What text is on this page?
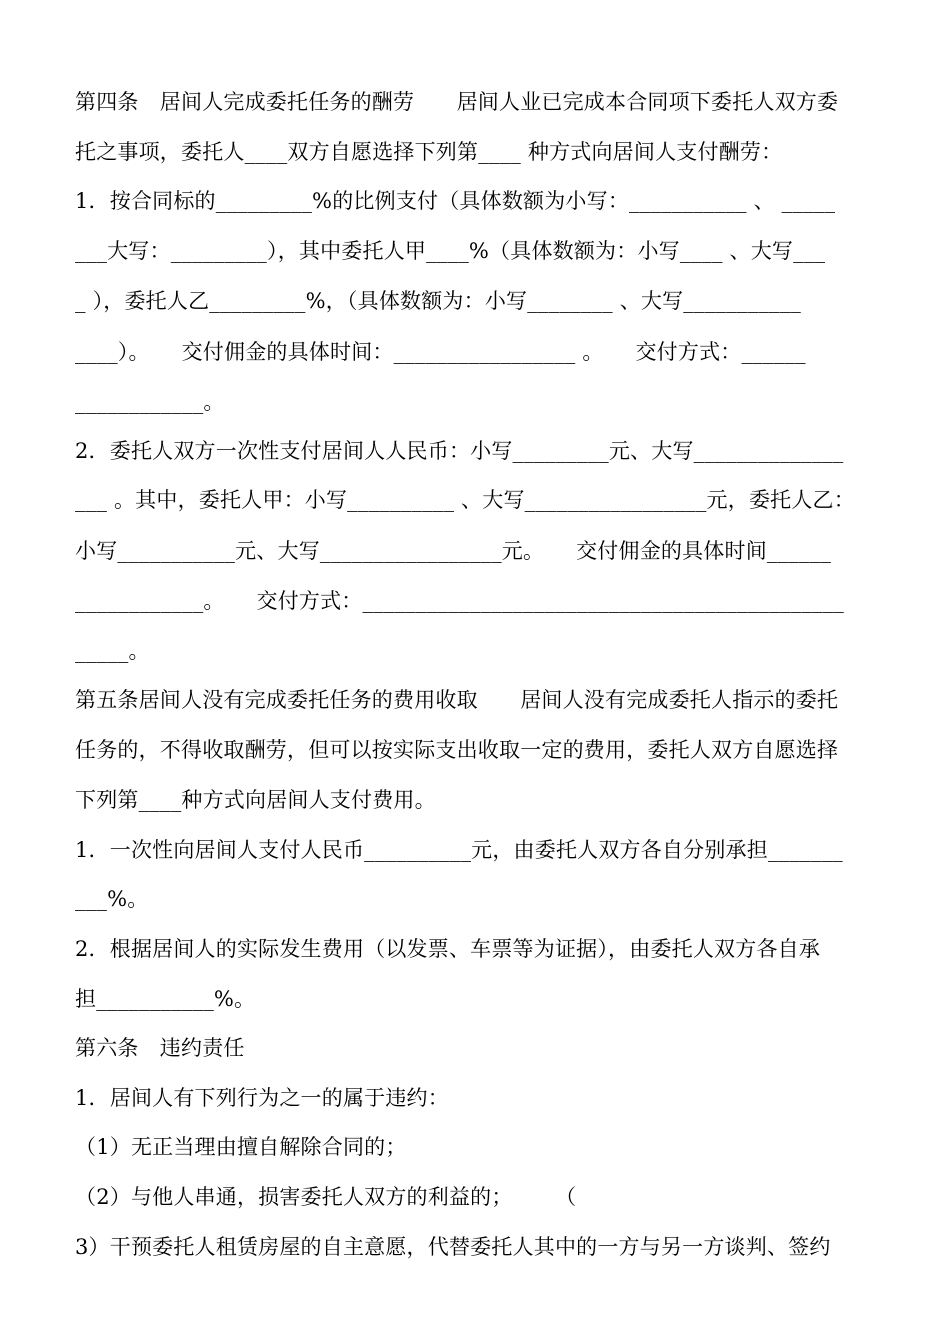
第四条　居间人完成委托任务的酬劳　　居间人业已完成本合同项下委托人双方委
托之事项，委托人____双方自愿选择下列第____ 种方式向居间人支付酬劳：
1．按合同标的_________%的比例支付（具体数额为小写：___________ 、 _____
___大写：_________），其中委托人甲____%（具体数额为：小写____ 、大写___
_ ），委托人乙_________%，（具体数额为：小写________ 、大写___________
____）。　　交付佣金的具体时间：_________________ 。　　交付方式：______
____________。
2．委托人双方一次性支付居间人人民币：小写_________元、大写______________
___ 。其中，委托人甲：小写__________ 、大写_________________元，委托人乙：
小写___________元、大写_________________元。　　交付佣金的具体时间______
____________。　　交付方式：_____________________________________________
_____。
第五条居间人没有完成委托任务的费用收取　　居间人没有完成委托人指示的委托
任务的，不得收取酬劳，但可以按实际支出收取一定的费用，委托人双方自愿选择
下列第____种方式向居间人支付费用。
1．一次性向居间人支付人民币__________元，由委托人双方各自分别承担_______
___%。
2．根据居间人的实际发生费用（以发票、车票等为证据），由委托人双方各自承
担___________%。
第六条　违约责任
1．居间人有下列行为之一的属于违约：
（1）无正当理由擅自解除合同的；
（2）与他人串通，损害委托人双方的利益的；　　　（
3）干预委托人租赁房屋的自主意愿，代替委托人其中的一方与另一方谈判、签约
